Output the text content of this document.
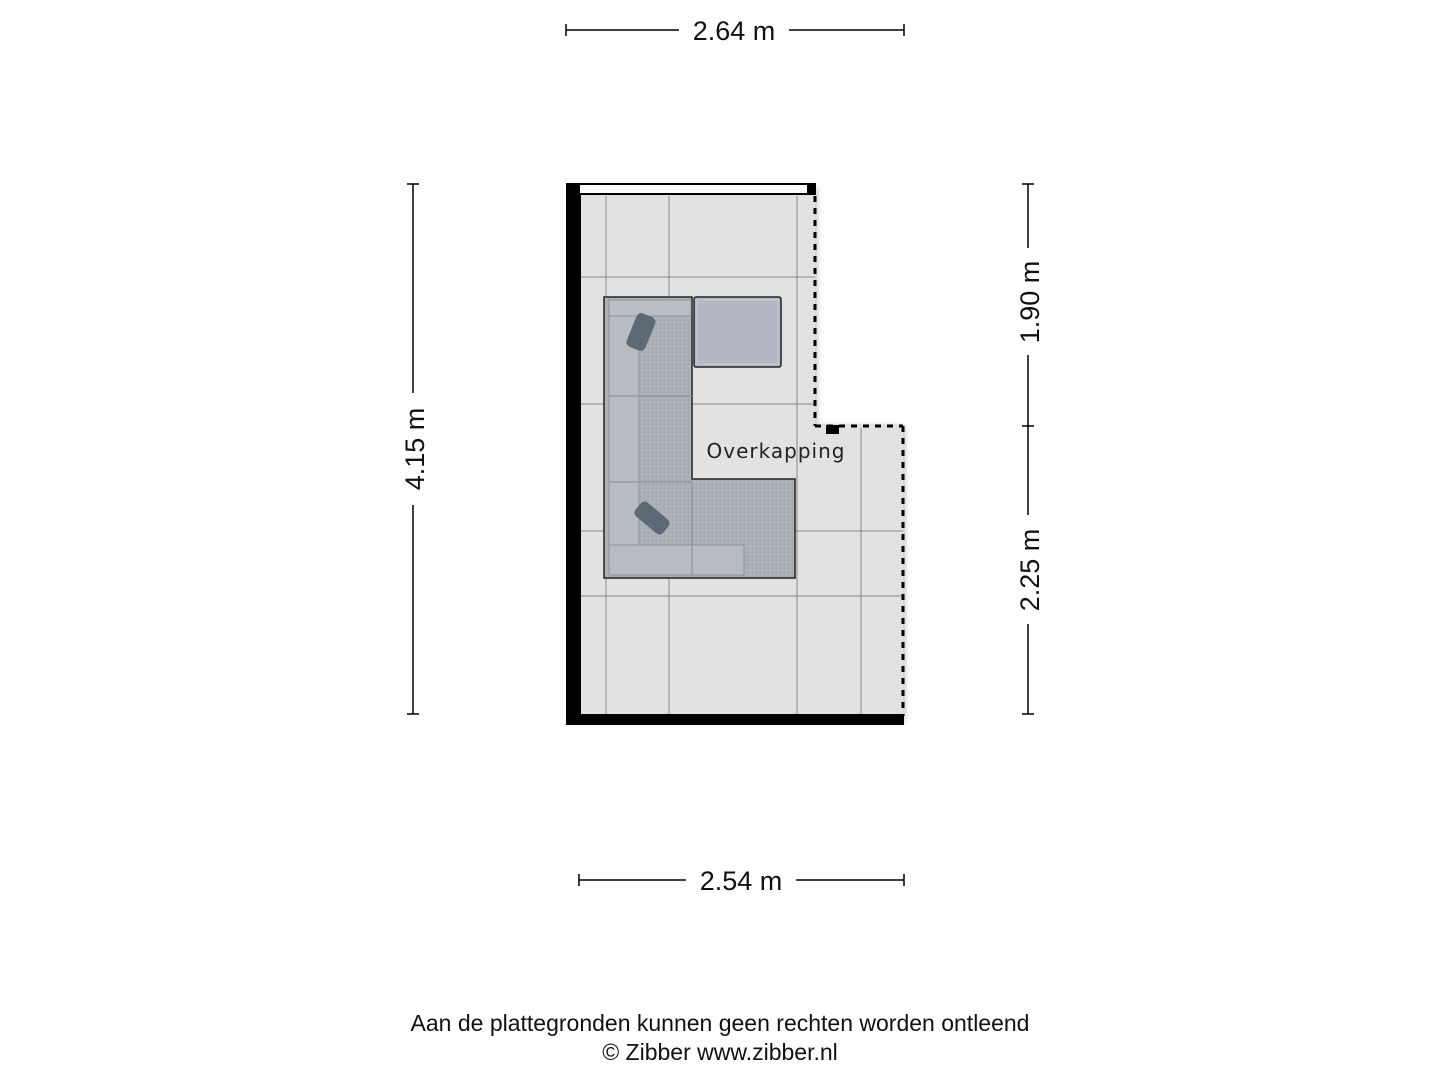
Overkapping
2.64 m
2.54 m
4.15 m
1.90 m
2.25 m
Aan de plattegronden kunnen geen rechten worden ontleend
© Zibber www.zibber.nl
